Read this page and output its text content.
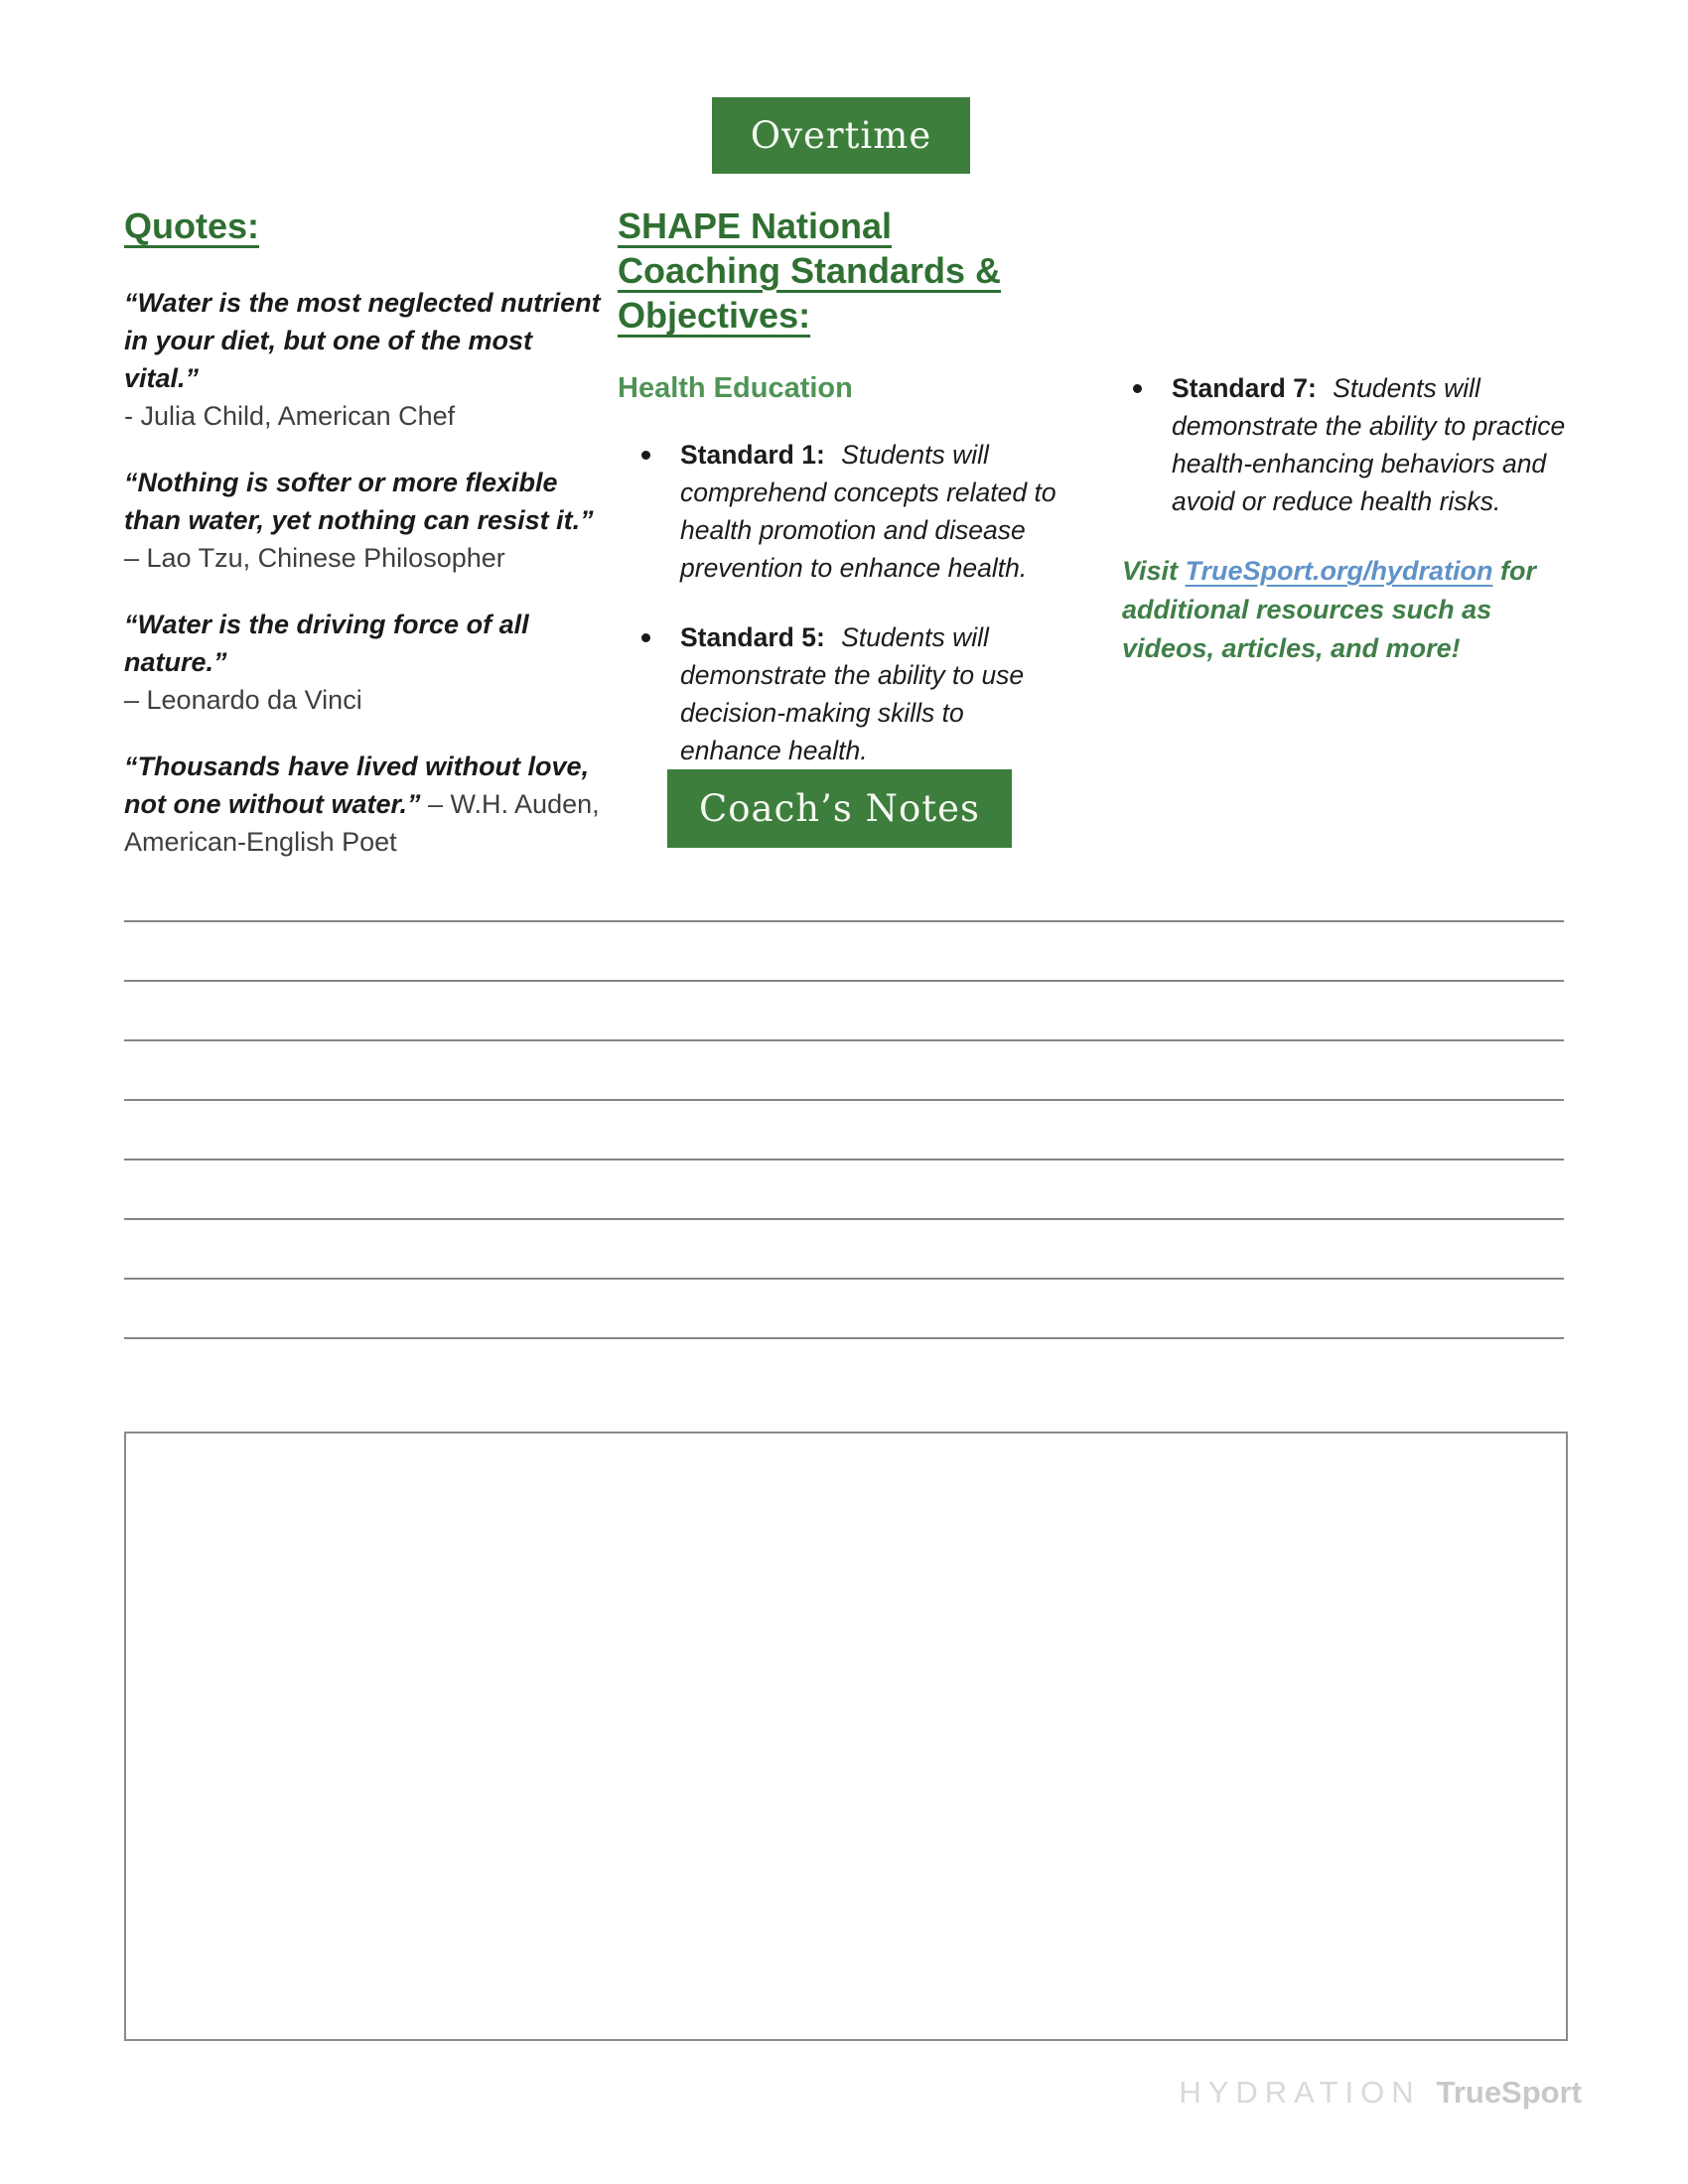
Overtime
Quotes:

“Water is the most neglected nutrient in your diet, but one of the most vital.”
- Julia Child, American Chef

“Nothing is softer or more flexible than water, yet nothing can resist it.”
– Lao Tzu, Chinese Philosopher

“Water is the driving force of all nature.”
– Leonardo da Vinci

“Thousands have lived without love, not one without water.” – W.H. Auden, American-English Poet

SHAPE National Coaching Standards & Objectives:
Health Education
Standard 1: Students will comprehend concepts related to health promotion and disease prevention to enhance health.
Standard 5: Students will demonstrate the ability to use decision-making skills to enhance health.
Standard 7: Students will demonstrate the ability to practice health-enhancing behaviors and avoid or reduce health risks.

Visit TrueSport.org/hydration for additional resources such as videos, articles, and more!

Coach’s Notes
HYDRATION TrueSport
